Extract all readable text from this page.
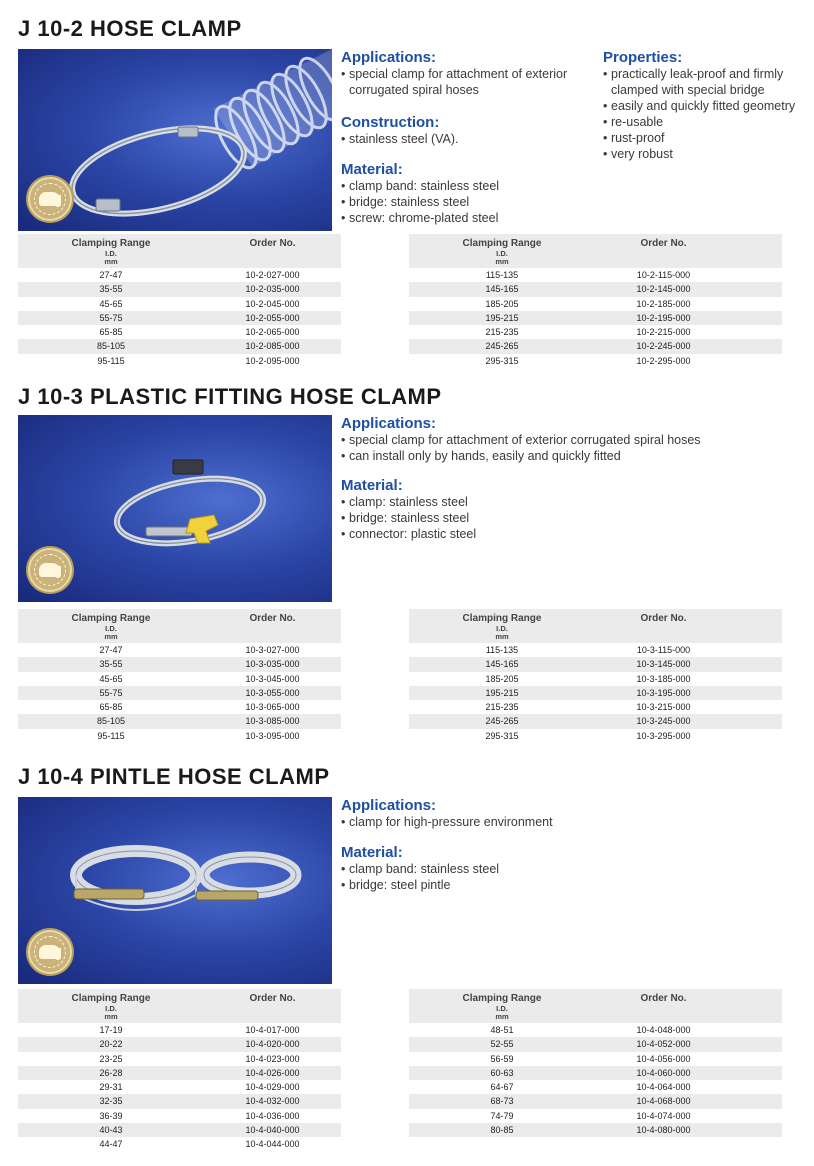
J 10-2 HOSE CLAMP
Applications:
• special clamp for attachment of exterior
corrugated spiral hoses
Construction:
• stainless steel (VA).
Material:
• clamp band: stainless steel
• bridge: stainless steel
• screw: chrome-plated steel
Properties:
• practically leak-proof and firmly
clamped with special bridge
• easily and quickly fitted geometry
• re-usable
• rust-proof
• very robust
Clamping Range
I.D.
mm
Order No.
27-47	10-2-027-000
35-55	10-2-035-000
45-65	10-2-045-000
55-75	10-2-055-000
65-85	10-2-065-000
85-105	10-2-085-000
95-115	10-2-095-000
Clamping Range
I.D.
mm
Order No.
115-135	10-2-115-000
145-165	10-2-145-000
185-205	10-2-185-000
195-215	10-2-195-000
215-235	10-2-215-000
245-265	10-2-245-000
295-315	10-2-295-000
J 10-3 PLASTIC FITTING HOSE CLAMP
Applications:
• special clamp for attachment of exterior corrugated spiral hoses
• can install only by hands, easily and quickly fitted
Material:
• clamp: stainless steel
• bridge: stainless steel
• connector: plastic steel
Clamping Range
I.D.
mm
Order No.
27-47	10-3-027-000
35-55	10-3-035-000
45-65	10-3-045-000
55-75	10-3-055-000
65-85	10-3-065-000
85-105	10-3-085-000
95-115	10-3-095-000
Clamping Range
I.D.
mm
Order No.
115-135	10-3-115-000
145-165	10-3-145-000
185-205	10-3-185-000
195-215	10-3-195-000
215-235	10-3-215-000
245-265	10-3-245-000
295-315	10-3-295-000
J 10-4 PINTLE HOSE CLAMP
Applications:
• clamp for high-pressure environment
Material:
• clamp band: stainless steel
• bridge: steel pintle
Clamping Range
I.D.
mm
Order No.
17-19	10-4-017-000
20-22	10-4-020-000
23-25	10-4-023-000
26-28	10-4-026-000
29-31	10-4-029-000
32-35	10-4-032-000
36-39	10-4-036-000
40-43	10-4-040-000
44-47	10-4-044-000
Clamping Range
I.D.
mm
Order No.
48-51	10-4-048-000
52-55	10-4-052-000
56-59	10-4-056-000
60-63	10-4-060-000
64-67	10-4-064-000
68-73	10-4-068-000
74-79	10-4-074-000
80-85	10-4-080-000
